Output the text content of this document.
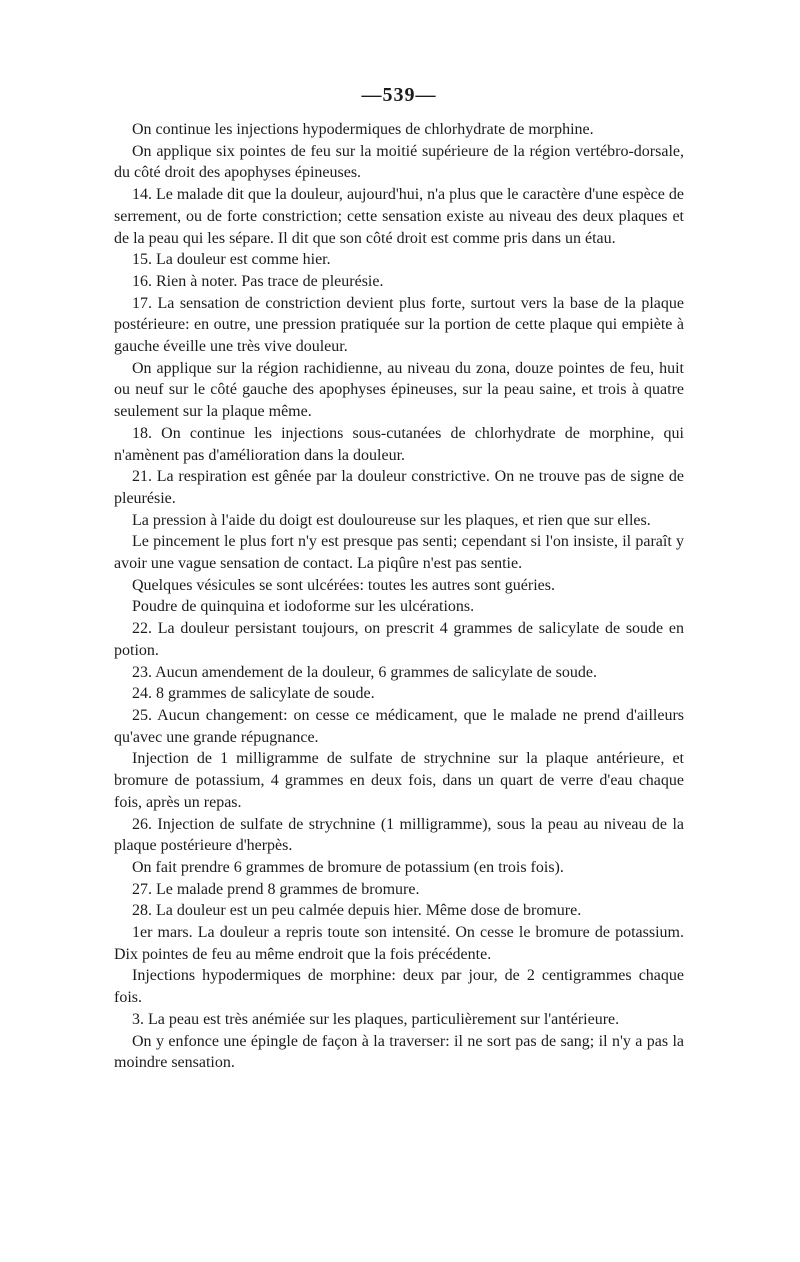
—539—

On continue les injections hypodermiques de chlorhydrate de morphine.

On applique six pointes de feu sur la moitié supérieure de la région vertébro-dorsale, du côté droit des apophyses épineuses.

14. Le malade dit que la douleur, aujourd'hui, n'a plus que le caractère d'une espèce de serrement, ou de forte constriction; cette sensation existe au niveau des deux plaques et de la peau qui les sépare. Il dit que son côté droit est comme pris dans un étau.

15. La douleur est comme hier.

16. Rien à noter. Pas trace de pleurésie.

17. La sensation de constriction devient plus forte, surtout vers la base de la plaque postérieure: en outre, une pression pratiquée sur la portion de cette plaque qui empiète à gauche éveille une très vive douleur.

On applique sur la région rachidienne, au niveau du zona, douze pointes de feu, huit ou neuf sur le côté gauche des apophyses épineuses, sur la peau saine, et trois à quatre seulement sur la plaque même.

18. On continue les injections sous-cutanées de chlorhydrate de morphine, qui n'amènent pas d'amélioration dans la douleur.

21. La respiration est gênée par la douleur constrictive. On ne trouve pas de signe de pleurésie.

La pression à l'aide du doigt est douloureuse sur les plaques, et rien que sur elles.

Le pincement le plus fort n'y est presque pas senti; cependant si l'on insiste, il paraît y avoir une vague sensation de contact. La piqûre n'est pas sentie.

Quelques vésicules se sont ulcérées: toutes les autres sont guéries.

Poudre de quinquina et iodoforme sur les ulcérations.

22. La douleur persistant toujours, on prescrit 4 grammes de salicylate de soude en potion.

23. Aucun amendement de la douleur, 6 grammes de salicylate de soude.

24. 8 grammes de salicylate de soude.

25. Aucun changement: on cesse ce médicament, que le malade ne prend d'ailleurs qu'avec une grande répugnance.

Injection de 1 milligramme de sulfate de strychnine sur la plaque antérieure, et bromure de potassium, 4 grammes en deux fois, dans un quart de verre d'eau chaque fois, après un repas.

26. Injection de sulfate de strychnine (1 milligramme), sous la peau au niveau de la plaque postérieure d'herpès.

On fait prendre 6 grammes de bromure de potassium (en trois fois).

27. Le malade prend 8 grammes de bromure.

28. La douleur est un peu calmée depuis hier. Même dose de bromure.

1er mars. La douleur a repris toute son intensité. On cesse le bromure de potassium. Dix pointes de feu au même endroit que la fois précédente.

Injections hypodermiques de morphine: deux par jour, de 2 centigrammes chaque fois.

3. La peau est très anémiée sur les plaques, particulièrement sur l'antérieure.

On y enfonce une épingle de façon à la traverser: il ne sort pas de sang; il n'y a pas la moindre sensation.
